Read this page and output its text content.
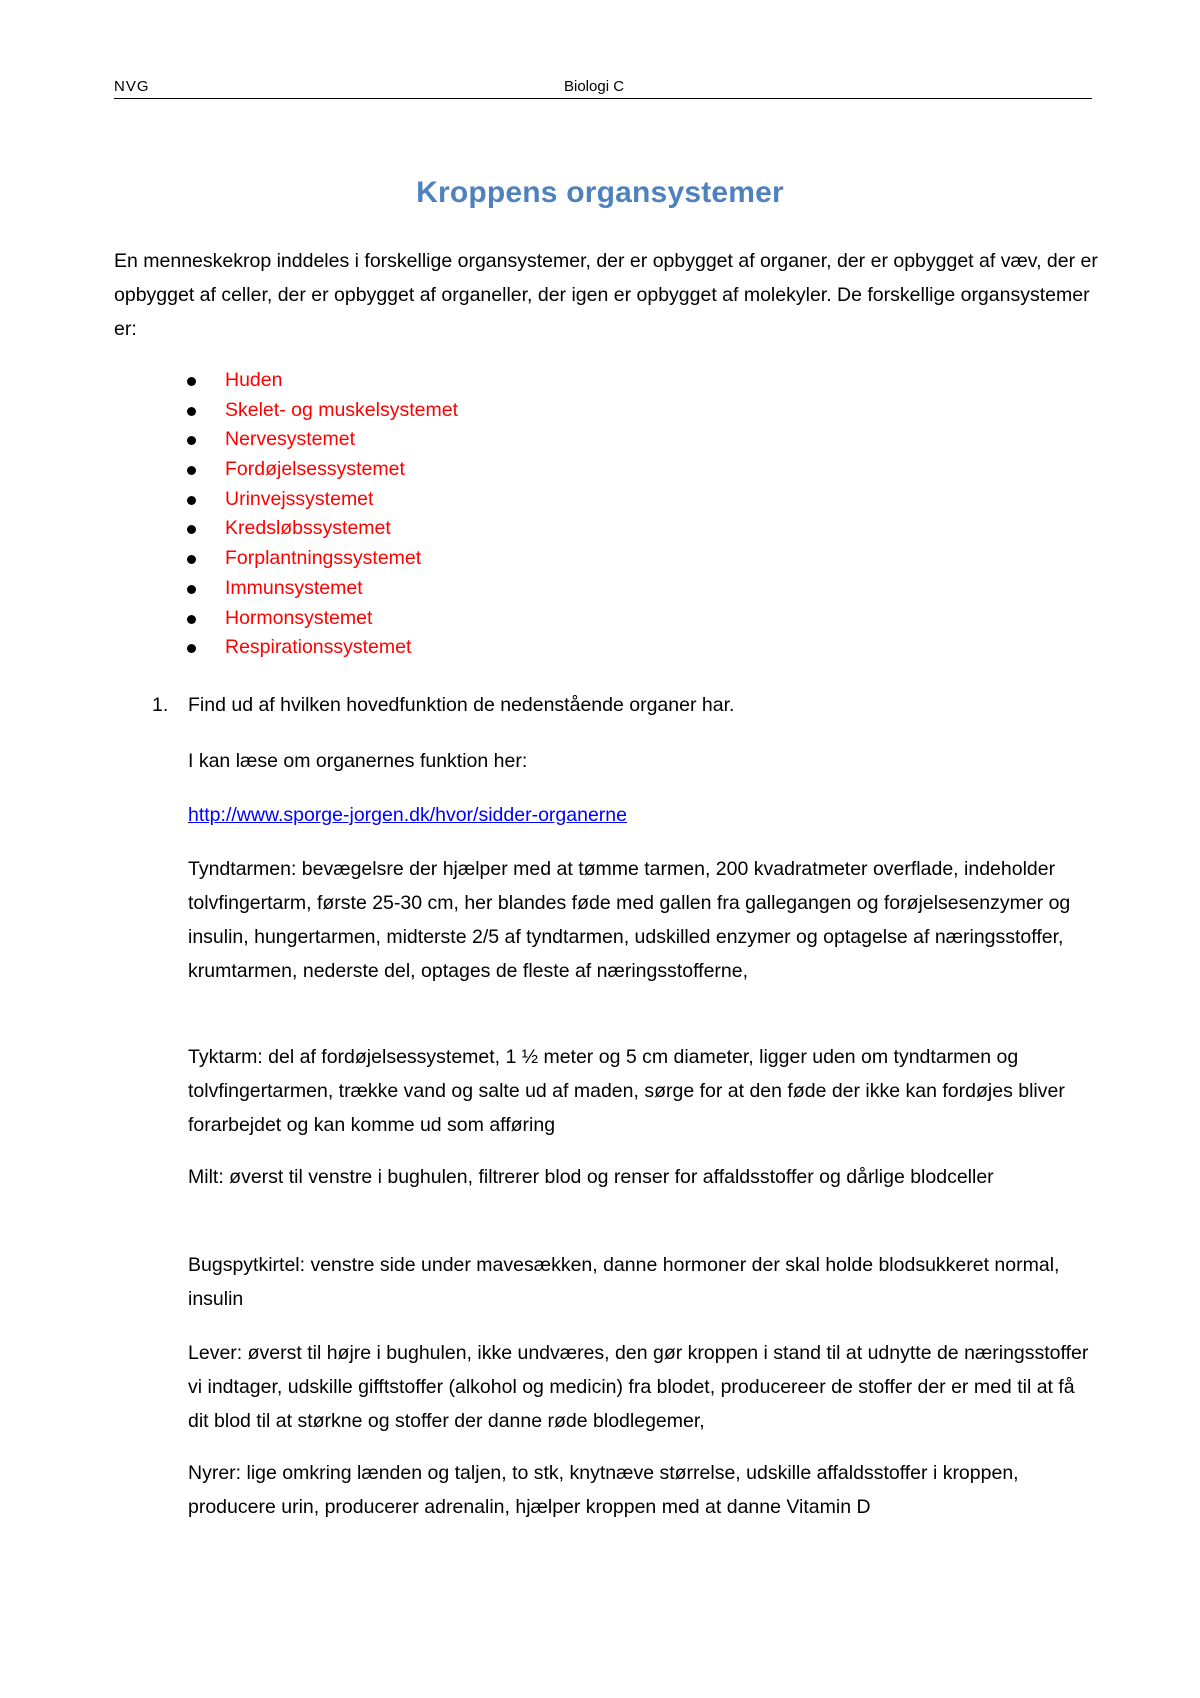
NVG	Biologi C
Kroppens organsystemer

En menneskekrop inddeles i forskellige organsystemer, der er opbygget af organer, der er opbygget af væv, der er opbygget af celler, der er opbygget af organeller, der igen er opbygget af molekyler. De forskellige organsystemer er:

Huden
Skelet- og muskelsystemet
Nervesystemet
Fordøjelsessystemet
Urinvejssystemet
Kredsløbssystemet
Forplantningssystemet
Immunsystemet
Hormonsystemet
Respirationssystemet
1. Find ud af hvilken hovedfunktion de nedenstående organer har.

I kan læse om organernes funktion her:

http://www.sporge-jorgen.dk/hvor/sidder-organerne

Tyndtarmen: bevægelsre der hjælper med at tømme tarmen, 200 kvadratmeter overflade, indeholder tolvfingertarm, første 25-30 cm, her blandes føde med gallen fra gallegangen og forøjelsesenzymer og insulin, hungertarmen, midterste 2/5 af tyndtarmen, udskilled enzymer og optagelse af næringsstoffer, krumtarmen, nederste del, optages de fleste af næringsstofferne,

Tyktarm: del af fordøjelsessystemet, 1 ½ meter og 5 cm diameter, ligger uden om tyndtarmen og tolvfingertarmen, trække vand og salte ud af maden, sørge for at den føde der ikke kan fordøjes bliver forarbejdet og kan komme ud som afføring

Milt: øverst til venstre i bughulen, filtrerer blod og renser for affaldsstoffer og dårlige blodceller

Bugspytkirtel: venstre side under mavesækken, danne hormoner der skal holde blodsukkeret normal, insulin

Lever: øverst til højre i bughulen, ikke undværes, den gør kroppen i stand til at udnytte de næringsstoffer vi indtager, udskille gifftstoffer (alkohol og medicin) fra blodet, producereer de stoffer der er med til at få dit blod til at størkne og stoffer der danne røde blodlegemer,

Nyrer: lige omkring lænden og taljen, to stk, knytnæve størrelse, udskille affaldsstoffer i kroppen, producere urin, producerer adrenalin, hjælper kroppen med at danne Vitamin D
